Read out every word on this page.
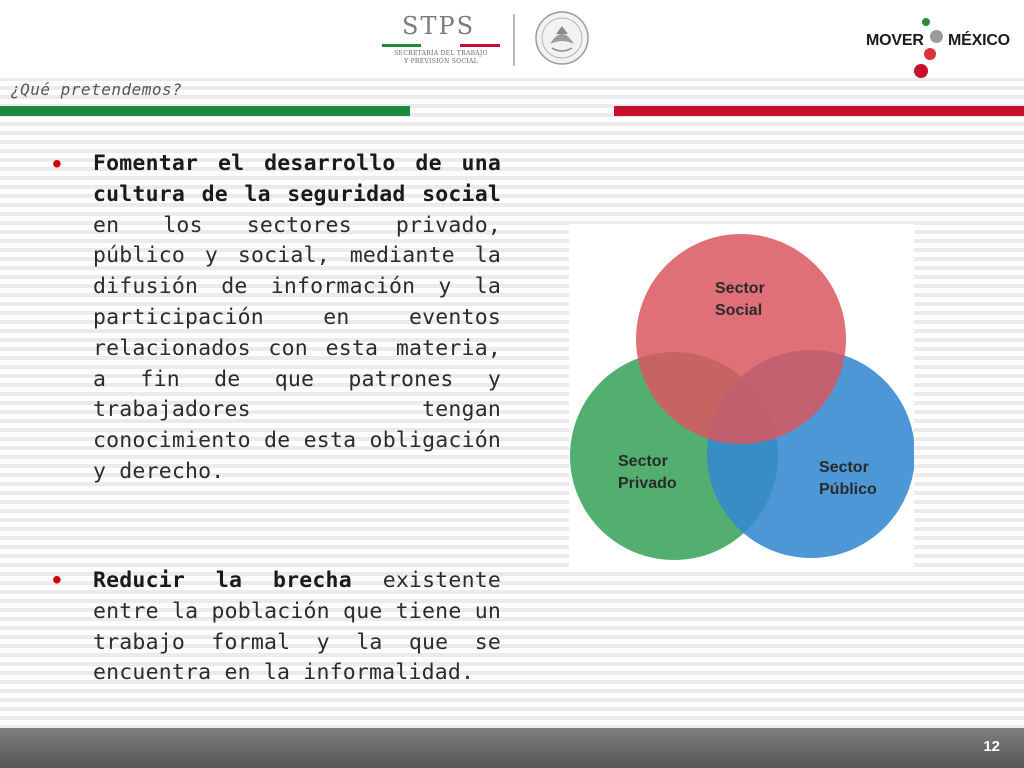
STPS
SECRETARÍA DEL TRABAJO
Y PREVISIÓN SOCIAL
MOVER MÉXICO
¿Qué pretendemos?
• Fomentar el desarrollo de una cultura de la seguridad social en los sectores privado, público y social, mediante la difusión de información y la participación en eventos relacionados con esta materia, a fin de que patrones y trabajadores tengan conocimiento de esta obligación y derecho.

• Reducir la brecha existente entre la población que tiene un trabajo formal y la que se encuentra en la informalidad.

Sector
Social
Sector
Privado
Sector
Público
12
